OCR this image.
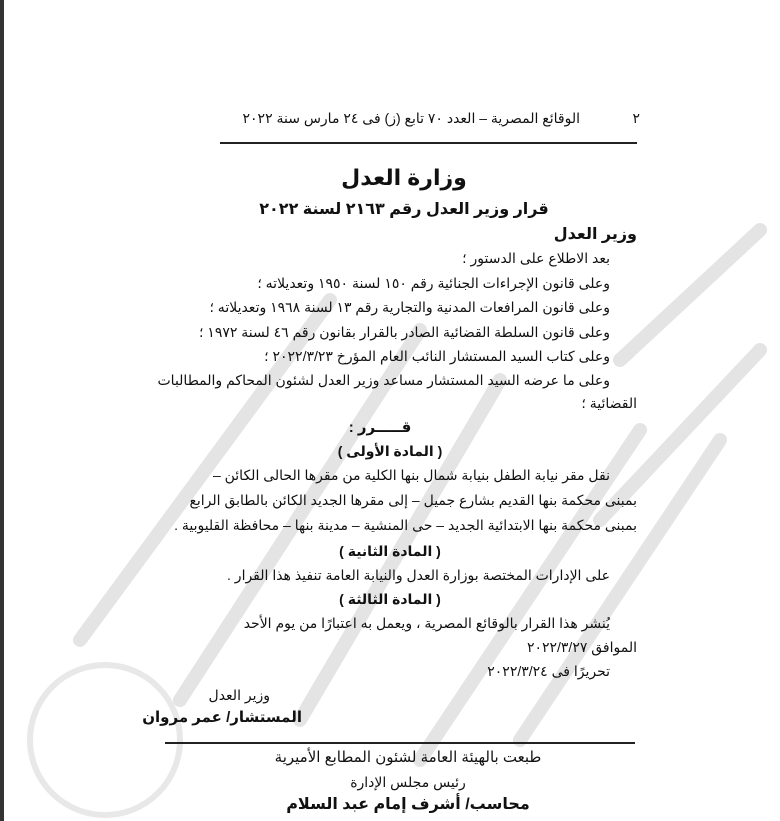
٢
الوقائع المصرية – العدد ٧٠ تابع (ز) فى ٢٤ مارس سنة ٢٠٢٢
وزارة العدل
قرار وزير العدل رقم ٢١٦٣ لسنة ٢٠٢٢
وزير العدل
بعد الاطلاع على الدستور ؛
وعلى قانون الإجراءات الجنائية رقم ١٥٠ لسنة ١٩٥٠ وتعديلاته ؛
وعلى قانون المرافعات المدنية والتجارية رقم ١٣ لسنة ١٩٦٨ وتعديلاته ؛
وعلى قانون السلطة القضائية الصادر بالقرار بقانون رقم ٤٦ لسنة ١٩٧٢ ؛
وعلى كتاب السيد المستشار النائب العام المؤرخ ٢٠٢٢/٣/٢٣ ؛
وعلى ما عرضه السيد المستشار مساعد وزير العدل لشئون المحاكم والمطالبات
القضائية ؛
قـــــرر :
( المادة الأولى )
نقل مقر نيابة الطفل بنيابة شمال بنها الكلية من مقرها الحالى الكائن –
بمبنى محكمة بنها القديم بشارع جميل – إلى مقرها الجديد الكائن بالطابق الرابع
بمبنى محكمة بنها الابتدائية الجديد – حى المنشية – مدينة بنها – محافظة القليوبية .
( المادة الثانية )
على الإدارات المختصة بوزارة العدل والنيابة العامة تنفيذ هذا القرار .
( المادة الثالثة )
يُنشر هذا القرار بالوقائع المصرية ، ويعمل به اعتبارًا من يوم الأحد
الموافق ٢٠٢٢/٣/٢٧
تحريرًا فى ٢٠٢٢/٣/٢٤
وزير العدل
المستشار/ عمر مروان
طبعت بالهيئة العامة لشئون المطابع الأميرية
رئيس مجلس الإدارة
محاسب/ أشرف إمام عبد السلام
